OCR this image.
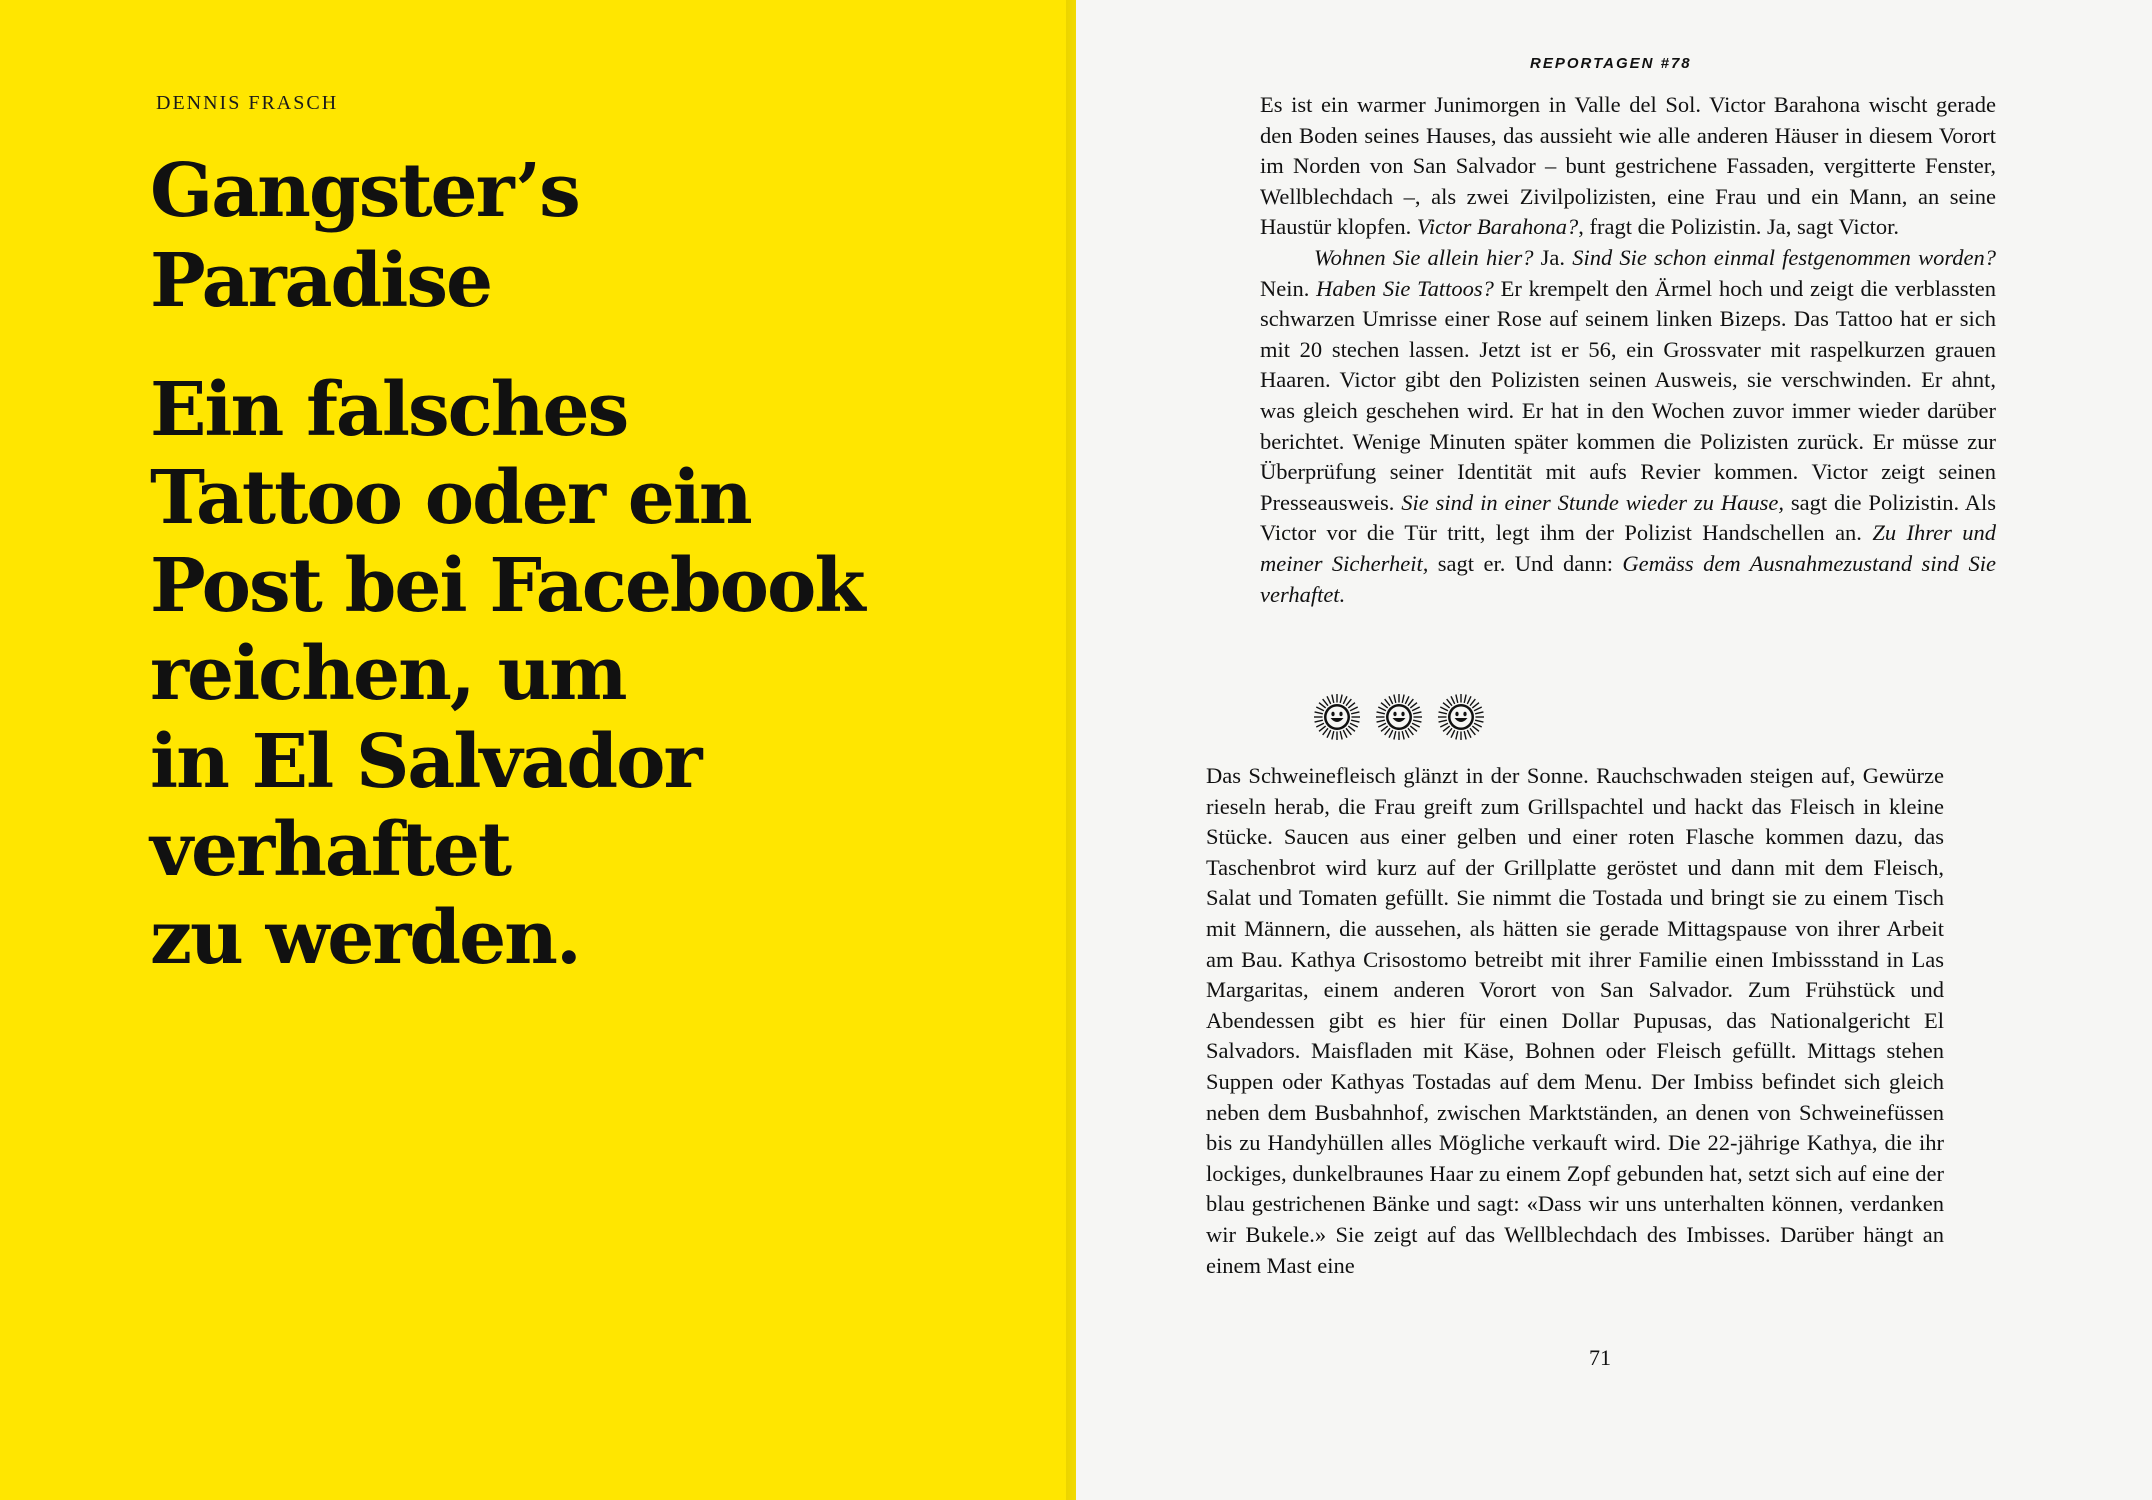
DENNIS FRASCH

Gangster’s
Paradise
Ein falsches
Tattoo oder ein
Post bei Facebook
reichen, um
in El Salvador
verhaftet
zu werden.
REPORTAGEN #78

Es ist ein warmer Junimorgen in Valle del Sol. Victor Barahona wischt gerade den Boden seines Hauses, das aussieht wie alle anderen Häuser in diesem Vorort im Norden von San Salvador – bunt gestrichene Fassaden, vergitterte Fenster, Wellblechdach –, als zwei Zivilpolizisten, eine Frau und ein Mann, an seine Haustür klopfen. Victor Barahona?, fragt die Polizistin. Ja, sagt Victor.

Wohnen Sie allein hier? Ja. Sind Sie schon einmal festgenommen worden? Nein. Haben Sie Tattoos? Er krempelt den Ärmel hoch und zeigt die verblassten schwarzen Umrisse einer Rose auf seinem linken Bizeps. Das Tattoo hat er sich mit 20 stechen lassen. Jetzt ist er 56, ein Grossvater mit raspelkurzen grauen Haaren. Victor gibt den Polizisten seinen Ausweis, sie verschwinden. Er ahnt, was gleich geschehen wird. Er hat in den Wochen zuvor immer wieder darüber berichtet. Wenige Minuten später kommen die Polizisten zurück. Er müsse zur Überprüfung seiner Identität mit aufs Revier kommen. Victor zeigt seinen Presseausweis. Sie sind in einer Stunde wieder zu Hause, sagt die Polizistin. Als Victor vor die Tür tritt, legt ihm der Polizist Handschellen an. Zu Ihrer und meiner Sicherheit, sagt er. Und dann: Gemäss dem Ausnahmezustand sind Sie verhaftet.

Das Schweinefleisch glänzt in der Sonne. Rauchschwaden steigen auf, Gewürze rieseln herab, die Frau greift zum Grillspachtel und hackt das Fleisch in kleine Stücke. Saucen aus einer gelben und einer roten Flasche kommen dazu, das Taschenbrot wird kurz auf der Grillplatte geröstet und dann mit dem Fleisch, Salat und Tomaten gefüllt. Sie nimmt die Tostada und bringt sie zu einem Tisch mit Männern, die aussehen, als hätten sie gerade Mittagspause von ihrer Arbeit am Bau. Kathya Crisostomo betreibt mit ihrer Familie einen Imbissstand in Las Margaritas, einem anderen Vorort von San Salvador. Zum Frühstück und Abendessen gibt es hier für einen Dollar Pupusas, das Nationalgericht El Salvadors. Maisfladen mit Käse, Bohnen oder Fleisch gefüllt. Mittags stehen Suppen oder Kathyas Tostadas auf dem Menu. Der Imbiss befindet sich gleich neben dem Busbahnhof, zwischen Marktständen, an denen von Schweinefüssen bis zu Handyhüllen alles Mögliche verkauft wird. Die 22-jährige Kathya, die ihr lockiges, dunkelbraunes Haar zu einem Zopf gebunden hat, setzt sich auf eine der blau gestrichenen Bänke und sagt: «Dass wir uns unterhalten können, verdanken wir Bukele.» Sie zeigt auf das Wellblechdach des Imbisses. Darüber hängt an einem Mast eine

71
